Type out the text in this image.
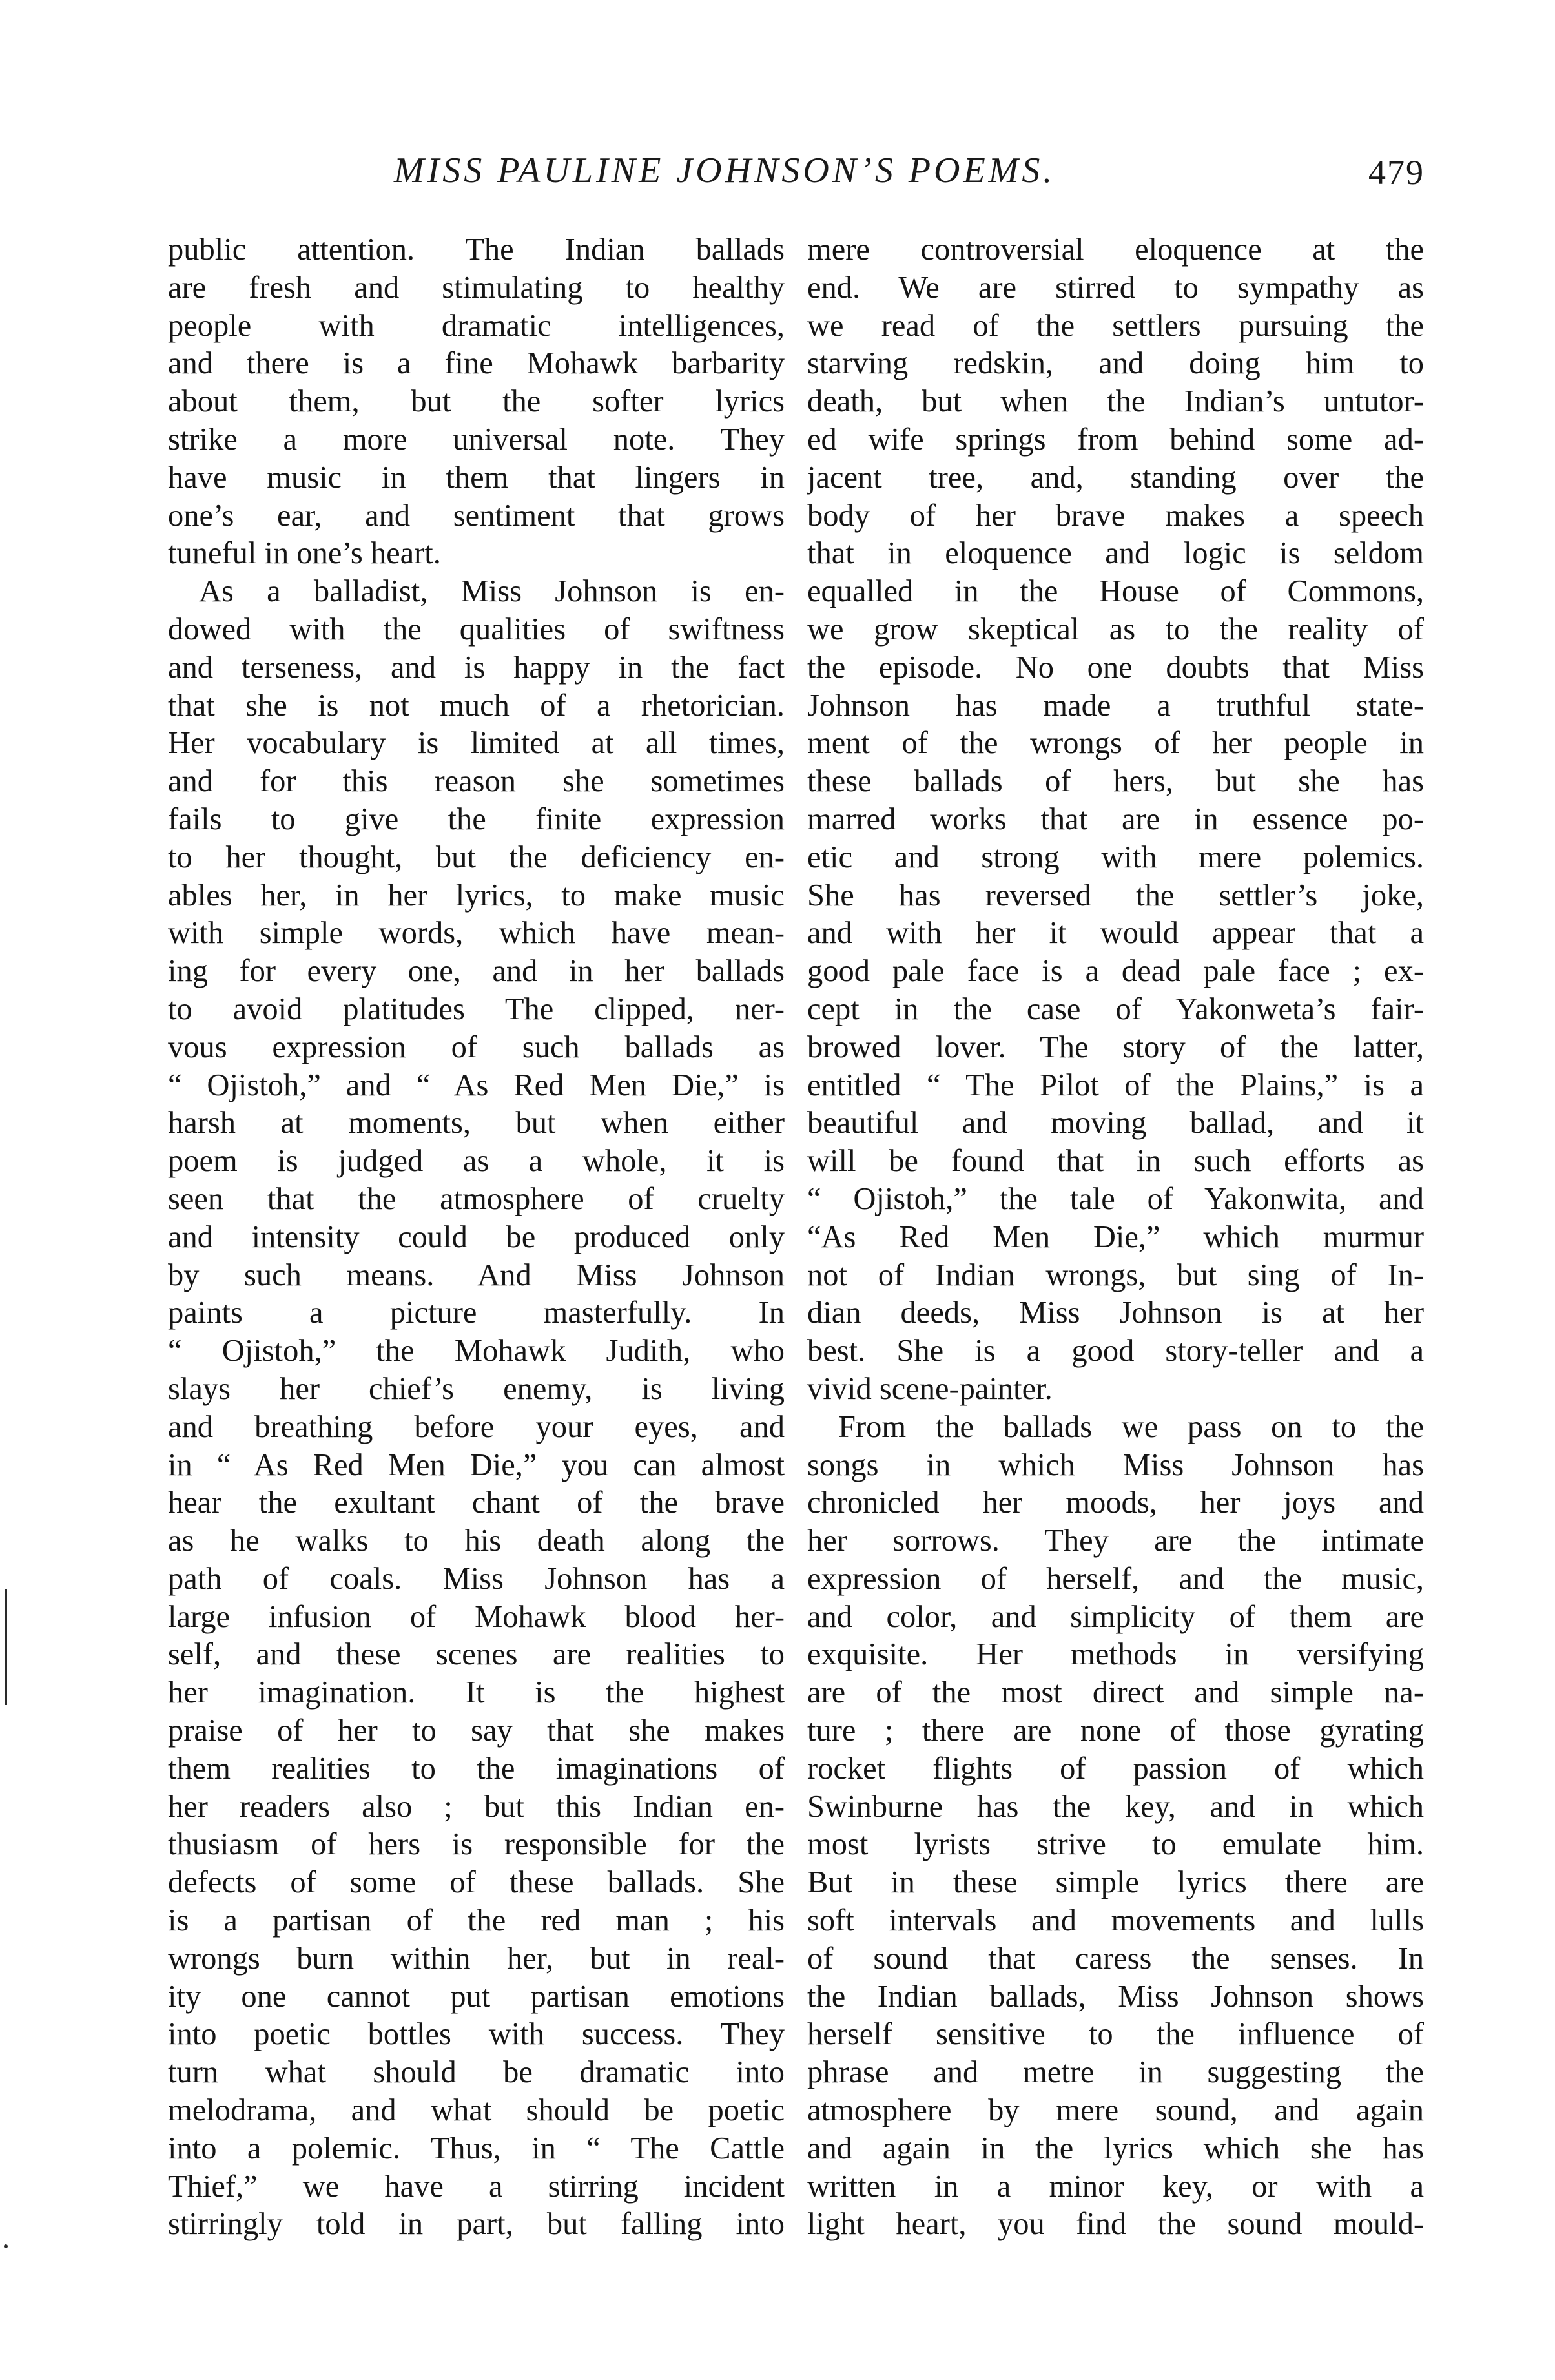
MISS PAULINE JOHNSON’S POEMS.	479
public attention. The Indian ballads
are fresh and stimulating to healthy
people with dramatic intelligences,
and there is a fine Mohawk barbarity
about them, but the softer lyrics
strike a more universal note. They
have music in them that lingers in
one’s ear, and sentiment that grows
tuneful in one’s heart.
As a balladist, Miss Johnson is en-
dowed with the qualities of swiftness
and terseness, and is happy in the fact
that she is not much of a rhetorician.
Her vocabulary is limited at all times,
and for this reason she sometimes
fails to give the finite expression
to her thought, but the deficiency en-
ables her, in her lyrics, to make music
with simple words, which have mean-
ing for every one, and in her ballads
to avoid platitudes The clipped, ner-
vous expression of such ballads as
“ Ojistoh,” and “ As Red Men Die,” is
harsh at moments, but when either
poem is judged as a whole, it is
seen that the atmosphere of cruelty
and intensity could be produced only
by such means. And Miss Johnson
paints a picture masterfully. In
“ Ojistoh,” the Mohawk Judith, who
slays her chief’s enemy, is living
and breathing before your eyes, and
in “ As Red Men Die,” you can almost
hear the exultant chant of the brave
as he walks to his death along the
path of coals. Miss Johnson has a
large infusion of Mohawk blood her-
self, and these scenes are realities to
her imagination. It is the highest
praise of her to say that she makes
them realities to the imaginations of
her readers also ; but this Indian en-
thusiasm of hers is responsible for the
defects of some of these ballads. She
is a partisan of the red man ; his
wrongs burn within her, but in real-
ity one cannot put partisan emotions
into poetic bottles with success. They
turn what should be dramatic into
melodrama, and what should be poetic
into a polemic. Thus, in “ The Cattle
Thief,” we have a stirring incident
stirringly told in part, but falling into
mere controversial eloquence at the
end. We are stirred to sympathy as
we read of the settlers pursuing the
starving redskin, and doing him to
death, but when the Indian’s untutor-
ed wife springs from behind some ad-
jacent tree, and, standing over the
body of her brave makes a speech
that in eloquence and logic is seldom
equalled in the House of Commons,
we grow skeptical as to the reality of
the episode. No one doubts that Miss
Johnson has made a truthful state-
ment of the wrongs of her people in
these ballads of hers, but she has
marred works that are in essence po-
etic and strong with mere polemics.
She has reversed the settler’s joke,
and with her it would appear that a
good pale face is a dead pale face ; ex-
cept in the case of Yakonweta’s fair-
browed lover. The story of the latter,
entitled “ The Pilot of the Plains,” is a
beautiful and moving ballad, and it
will be found that in such efforts as
“ Ojistoh,” the tale of Yakonwita, and
“As Red Men Die,” which murmur
not of Indian wrongs, but sing of In-
dian deeds, Miss Johnson is at her
best. She is a good story-teller and a
vivid scene-painter.
From the ballads we pass on to the
songs in which Miss Johnson has
chronicled her moods, her joys and
her sorrows. They are the intimate
expression of herself, and the music,
and color, and simplicity of them are
exquisite. Her methods in versifying
are of the most direct and simple na-
ture ; there are none of those gyrating
rocket flights of passion of which
Swinburne has the key, and in which
most lyrists strive to emulate him.
But in these simple lyrics there are
soft intervals and movements and lulls
of sound that caress the senses. In
the Indian ballads, Miss Johnson shows
herself sensitive to the influence of
phrase and metre in suggesting the
atmosphere by mere sound, and again
and again in the lyrics which she has
written in a minor key, or with a
light heart, you find the sound mould-
